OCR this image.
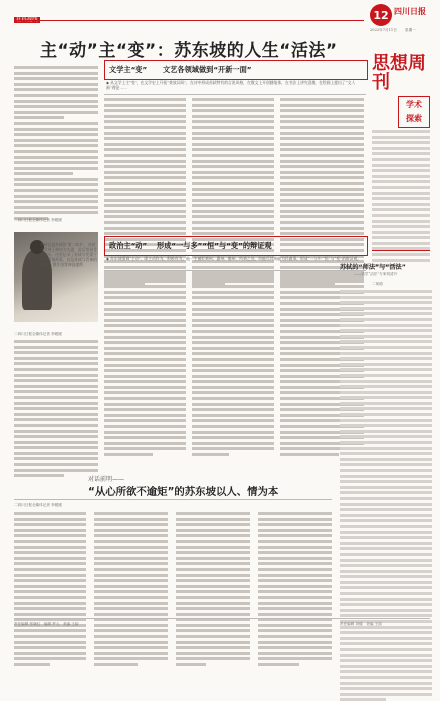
12 四川日报
2022年7月11日 星期一
主“动”主“变”：苏东坡的人生“活法”
思想周刊
学术
探索
二四川日报全媒体记者 李媛媛
青神县是苏轼的‘第二故乡’，苏轼与青神王弗结为夫妻，此后常到青神游历。这里记录了苏轼与发妻王弗的爱情故事，以及苏轼与青神的渊源。 图片由青神县提供
文学主“变” 文艺各领域做到“开新一面”
◆ 从文学上主“变”，在文学史上开拓“豪放词风”，在诗中形成苏轼特有的言说风格，在散文上开创随笔体，在书法上讲究意趣，在绘画上提出了“文人画”理论……
政治主“动” 形成“一与多”“恒”与“变”的辩证观
◆ 苏东坡强调“主动”，即主动作为，积极有为。他一生被贬黄州、惠州、儋州，所到之处，均能尽其所能为民做事，形成“一与多”“恒”与“变”的辩证观。
苏轼的“师法”与“活法”
——访学“活法”专家刘清升
二何明
二四川日报全媒体记者 李媛媛
对话前明——
“从心所欲不逾矩”的苏东坡以人、情为本
二四川日报全媒体记者 李媛媛
责任编辑 张晓红　编辑 罗云　美编 王韵	责任编辑 刘健　美编 王韵
